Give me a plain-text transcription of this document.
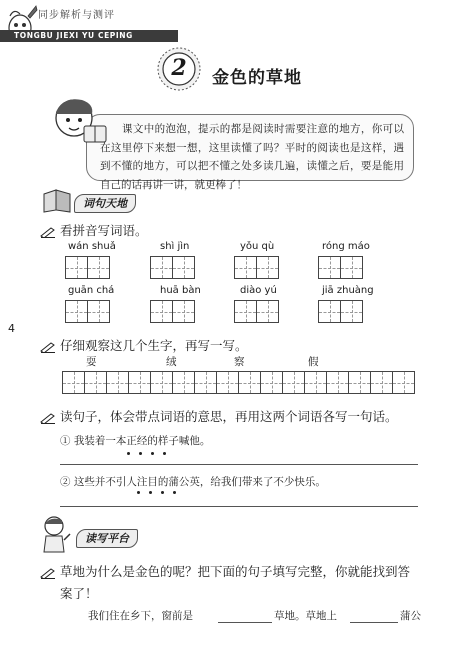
同步解析与测评
TONGBU JIEXI YU CEPING
2	金色的草地
课文中的泡泡，提示的都是阅读时需要注意的地方，你可以在这里停下来想一想，这里读懂了吗？平时的阅读也是这样，遇到不懂的地方，可以把不懂之处多读几遍，读懂之后，要是能用自己的话再讲一讲，就更棒了！
词句天地
看拼音写词语。
wán shuǎ	shì jìn	yǒu qù	róng máo
guān chá	huā bàn	diào yú	jiā zhuàng
4
仔细观察这几个生字，再写一写。
耍	绒	察	假
读句子，体会带点词语的意思，再用这两个词语各写一句话。
① 我装着一本正经的样子喊他。
② 这些并不引人注目的蒲公英，给我们带来了不少快乐。
读写平台
草地为什么是金色的呢？把下面的句子填写完整，你就能找到答
案了！
我们住在乡下，窗前是	草地。草地上	蒲公
